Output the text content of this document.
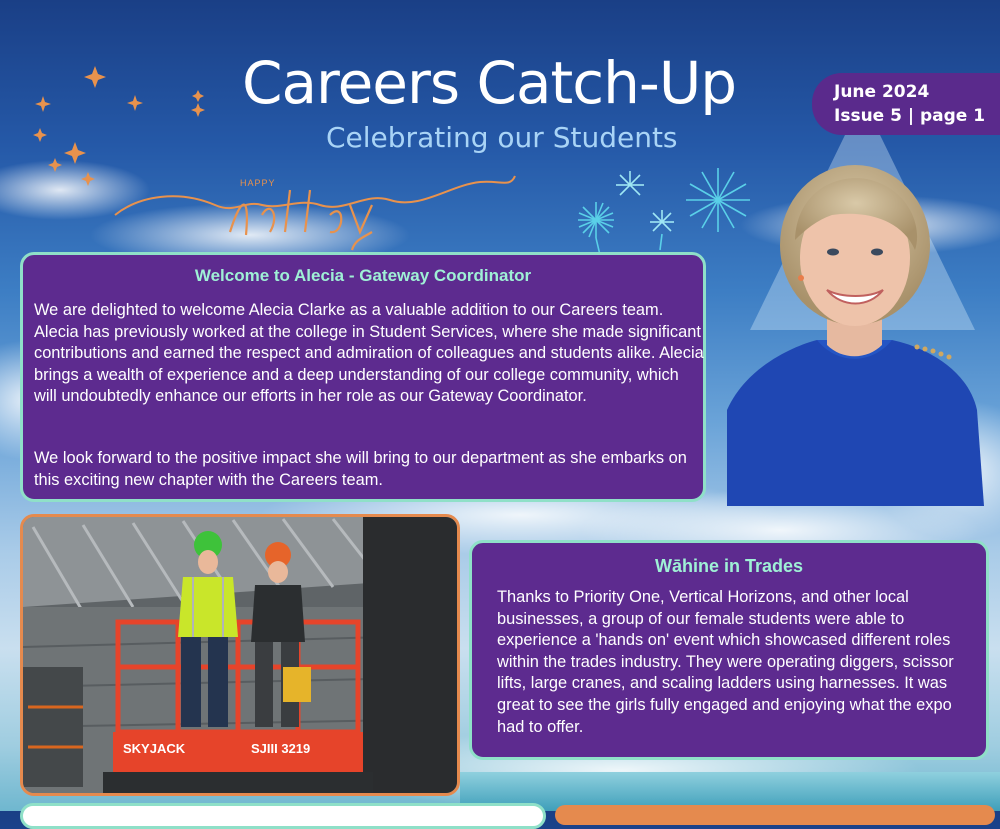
HAPPY
Careers Catch-Up
Celebrating our Students
June 2024
Issue 5 | page 1
Welcome to Alecia - Gateway Coordinator

We are delighted to welcome Alecia Clarke as a valuable addition to our Careers team. Alecia has previously worked at the college in Student Services, where she made significant contributions and earned the respect and admiration of colleagues and students alike. Alecia brings a wealth of experience and a deep understanding of our college community, which will undoubtedly enhance our efforts in her role as our Gateway Coordinator.

We look forward to the positive impact she will bring to our department as she embarks on this exciting new chapter with the Careers team.

SKYJACK	SJIII 3219
Wāhine in Trades

Thanks to Priority One, Vertical Horizons, and other local businesses, a group of our female students were able to experience a 'hands on' event which showcased different roles within the trades industry. They were operating diggers, scissor lifts, large cranes, and scaling ladders using harnesses. It was great to see the girls fully engaged and enjoying what the expo had to offer.
